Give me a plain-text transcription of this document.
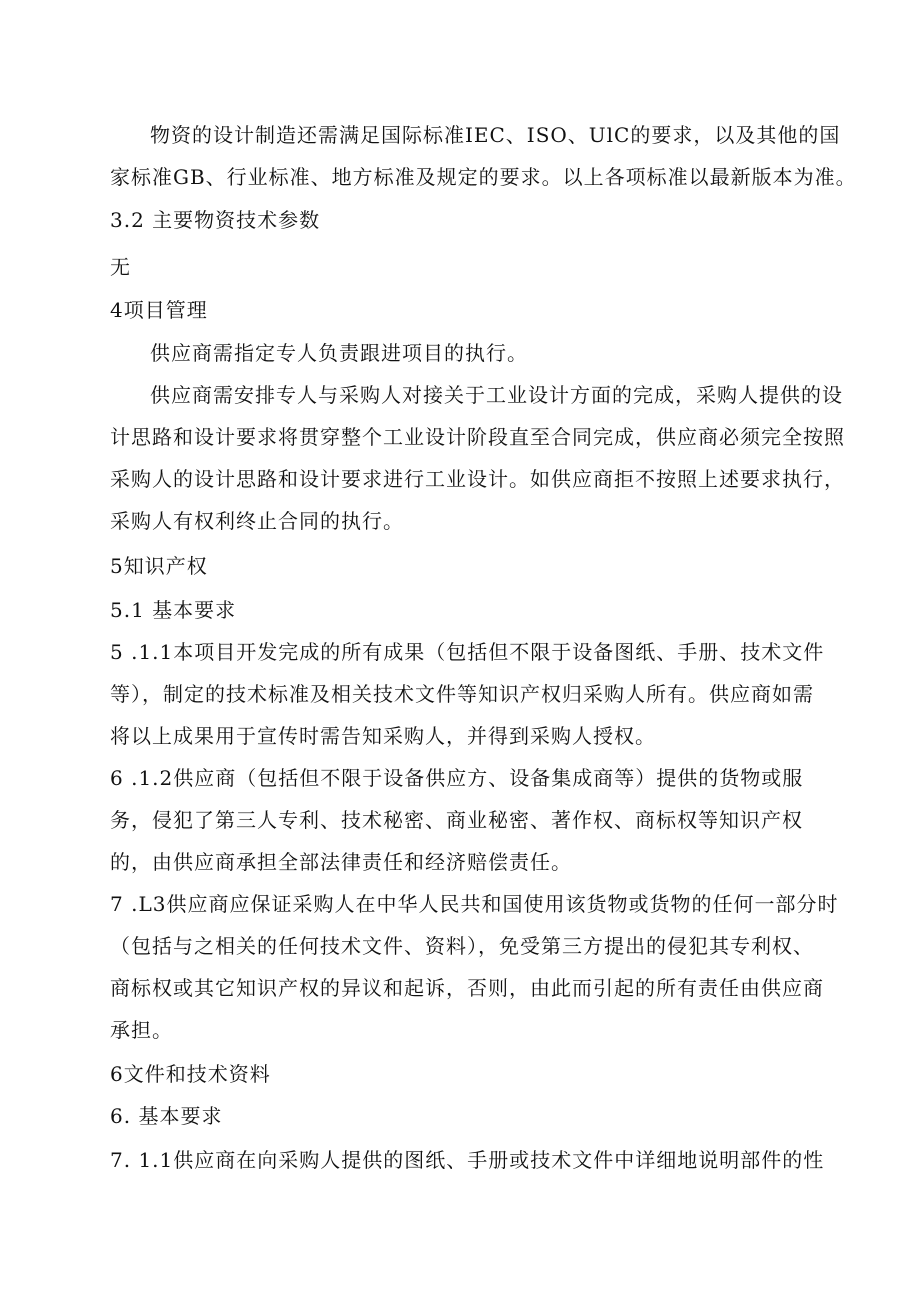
物资的设计制造还需满足国际标准IEC、ISO、UlC的要求，以及其他的国
家标准GB、行业标准、地方标准及规定的要求。以上各项标准以最新版本为准。
3.2 主要物资技术参数
无
4项目管理
供应商需指定专人负责跟进项目的执行。
供应商需安排专人与采购人对接关于工业设计方面的完成，采购人提供的设
计思路和设计要求将贯穿整个工业设计阶段直至合同完成，供应商必须完全按照
采购人的设计思路和设计要求进行工业设计。如供应商拒不按照上述要求执行，
采购人有权利终止合同的执行。
5知识产权
5.1 基本要求
5 .1.1本项目开发完成的所有成果（包括但不限于设备图纸、手册、技术文件
等），制定的技术标准及相关技术文件等知识产权归采购人所有。供应商如需
将以上成果用于宣传时需告知采购人，并得到采购人授权。
6 .1.2供应商（包括但不限于设备供应方、设备集成商等）提供的货物或服
务，侵犯了第三人专利、技术秘密、商业秘密、著作权、商标权等知识产权
的，由供应商承担全部法律责任和经济赔偿责任。
7 .L3供应商应保证采购人在中华人民共和国使用该货物或货物的任何一部分时
（包括与之相关的任何技术文件、资料），免受第三方提出的侵犯其专利权、
商标权或其它知识产权的异议和起诉，否则，由此而引起的所有责任由供应商
承担。
6文件和技术资料
6. 基本要求
7. 1.1供应商在向采购人提供的图纸、手册或技术文件中详细地说明部件的性
